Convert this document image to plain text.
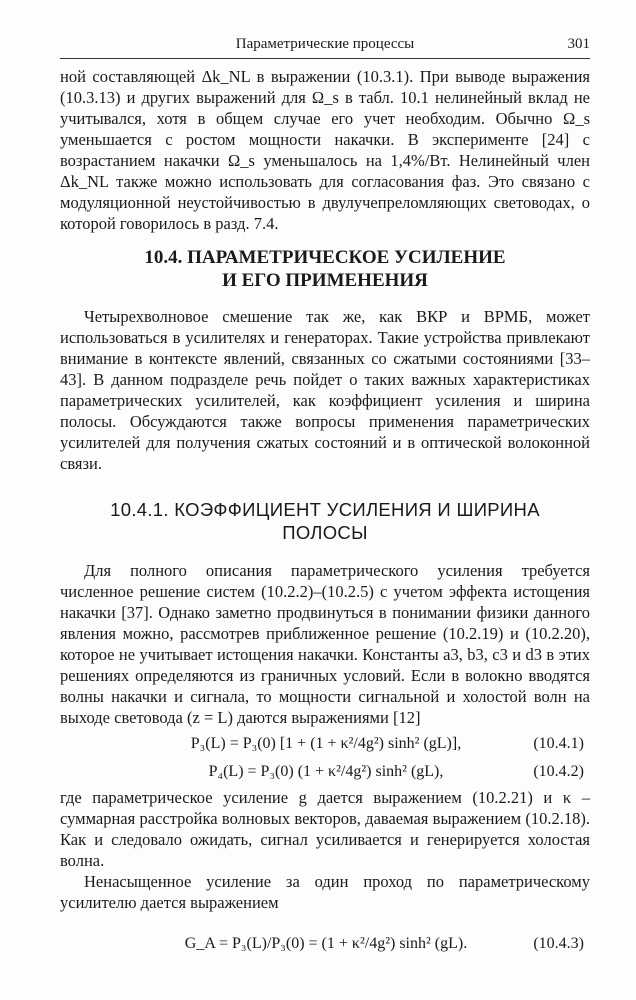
Параметрические процессы	301

ной составляющей Δk_NL в выражении (10.3.1). При выводе выражения (10.3.13) и других выражений для Ω_s в табл. 10.1 нелинейный вклад не учитывался, хотя в общем случае его учет необходим. Обычно Ω_s уменьшается с ростом мощности накачки. В эксперименте [24] с возрастанием накачки Ω_s уменьшалось на 1,4%/Вт. Нелинейный член Δk_NL также можно использовать для согласования фаз. Это связано с модуляционной неустойчивостью в двулучепреломляющих световодах, о которой говорилось в разд. 7.4.

10.4. ПАРАМЕТРИЧЕСКОЕ УСИЛЕНИЕ
И ЕГО ПРИМЕНЕНИЯ

Четырехволновое смешение так же, как ВКР и ВРМБ, может использоваться в усилителях и генераторах. Такие устройства привлекают внимание в контексте явлений, связанных со сжатыми состояниями [33–43]. В данном подразделе речь пойдет о таких важных характеристиках параметрических усилителей, как коэффициент усиления и ширина полосы. Обсуждаются также вопросы применения параметрических усилителей для получения сжатых состояний и в оптической волоконной связи.

10.4.1. КОЭФФИЦИЕНТ УСИЛЕНИЯ И ШИРИНА
ПОЛОСЫ

Для полного описания параметрического усиления требуется численное решение систем (10.2.2)–(10.2.5) с учетом эффекта истощения накачки [37]. Однако заметно продвинуться в понимании физики данного явления можно, рассмотрев приближенное решение (10.2.19) и (10.2.20), которое не учитывает истощения накачки. Константы a3, b3, c3 и d3 в этих решениях определяются из граничных условий. Если в волокно вводятся волны накачки и сигнала, то мощности сигнальной и холостой волн на выходе световода (z = L) даются выражениями [12]

P₃(L) = P₃(0) [1 + (1 + κ²/4g²) sinh² (gL)],	(10.4.1)
P₄(L) = P₃(0) (1 + κ²/4g²) sinh² (gL),	(10.4.2)

где параметрическое усиление g дается выражением (10.2.21) и κ – суммарная расстройка волновых векторов, даваемая выражением (10.2.18). Как и следовало ожидать, сигнал усиливается и генерируется холостая волна.

Ненасыщенное усиление за один проход по параметрическому усилителю дается выражением

G_A = P₃(L)/P₃(0) = (1 + κ²/4g²) sinh² (gL).	(10.4.3)
